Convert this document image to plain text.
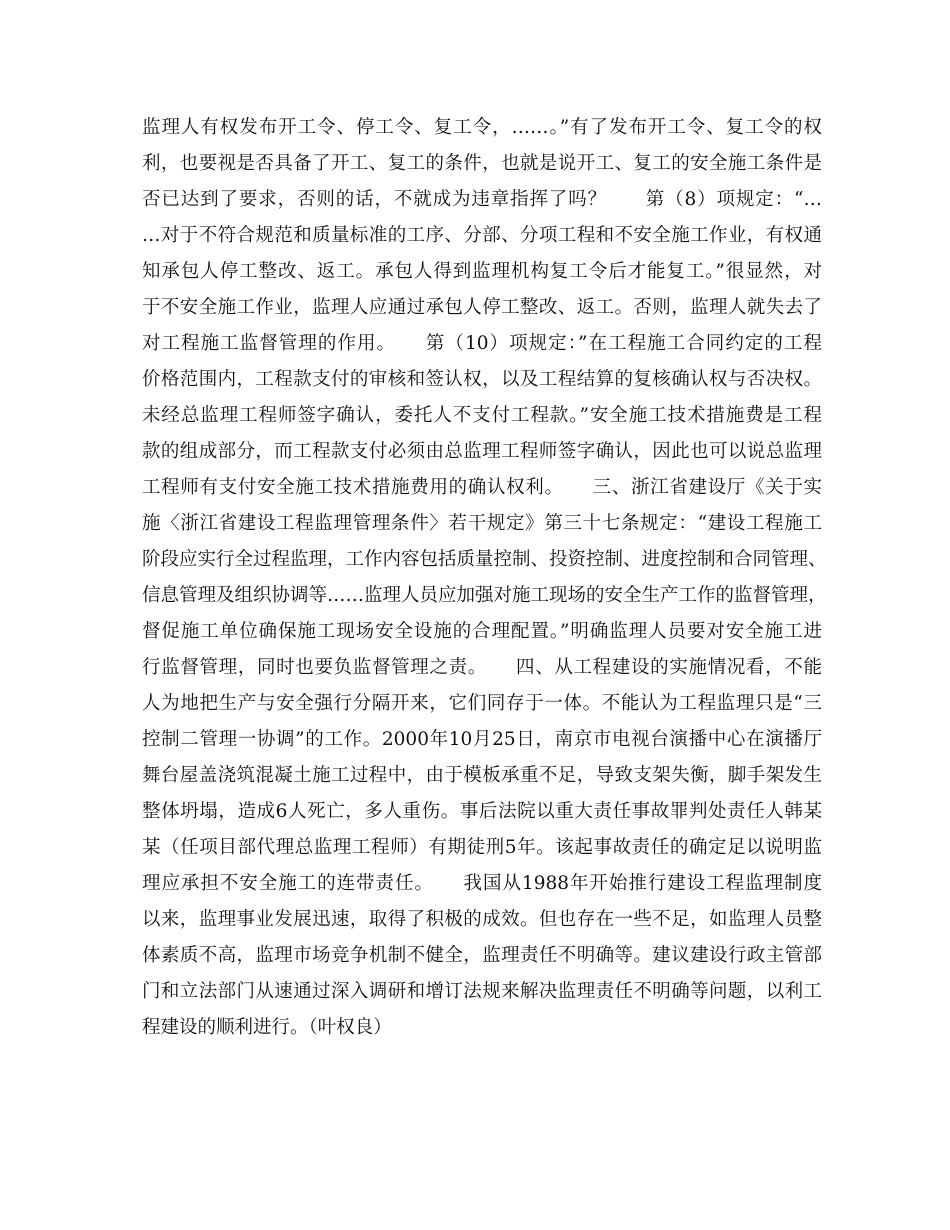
监理人有权发布开工令、停工令、复工令，……。”有了发布开工令、复工令的权
利，也要视是否具备了开工、复工的条件，也就是说开工、复工的安全施工条件是
否已达到了要求，否则的话，不就成为违章指挥了吗？　　第（8）项规定：“…
…对于不符合规范和质量标准的工序、分部、分项工程和不安全施工作业，有权通
知承包人停工整改、返工。承包人得到监理机构复工令后才能复工。”很显然，对
于不安全施工作业，监理人应通过承包人停工整改、返工。否则，监理人就失去了
对工程施工监督管理的作用。　　第（10）项规定：”在工程施工合同约定的工程
价格范围内，工程款支付的审核和签认权，以及工程结算的复核确认权与否决权。
未经总监理工程师签字确认，委托人不支付工程款。”安全施工技术措施费是工程
款的组成部分，而工程款支付必须由总监理工程师签字确认，因此也可以说总监理
工程师有支付安全施工技术措施费用的确认权利。　　三、浙江省建设厅《关于实
施〈浙江省建设工程监理管理条件〉若干规定》第三十七条规定：“建设工程施工
阶段应实行全过程监理，工作内容包括质量控制、投资控制、进度控制和合同管理、
信息管理及组织协调等……监理人员应加强对施工现场的安全生产工作的监督管理，
督促施工单位确保施工现场安全设施的合理配置。”明确监理人员要对安全施工进
行监督管理，同时也要负监督管理之责。　　四、从工程建设的实施情况看，不能
人为地把生产与安全强行分隔开来，它们同存于一体。不能认为工程监理只是“三
控制二管理一协调”的工作。2000年10月25日，南京市电视台演播中心在演播厅
舞台屋盖浇筑混凝土施工过程中，由于模板承重不足，导致支架失衡，脚手架发生
整体坍塌，造成6人死亡，多人重伤。事后法院以重大责任事故罪判处责任人韩某
某（任项目部代理总监理工程师）有期徒刑5年。该起事故责任的确定足以说明监
理应承担不安全施工的连带责任。　　我国从1988年开始推行建设工程监理制度
以来，监理事业发展迅速，取得了积极的成效。但也存在一些不足，如监理人员整
体素质不高，监理市场竞争机制不健全，监理责任不明确等。建议建设行政主管部
门和立法部门从速通过深入调研和增订法规来解决监理责任不明确等问题，以利工
程建设的顺利进行。（叶权良）
